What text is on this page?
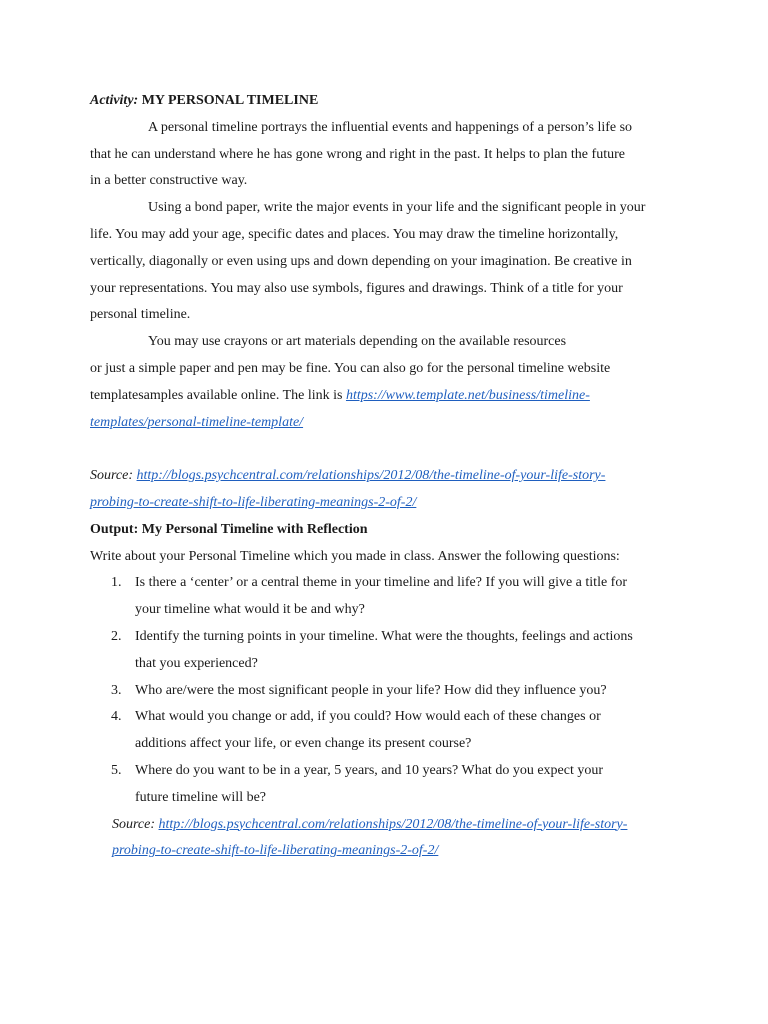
Activity: MY PERSONAL TIMELINE
A personal timeline portrays the influential events and happenings of a person’s life so
that he can understand where he has gone wrong and right in the past. It helps to plan the future
in a better constructive way.
Using a bond paper, write the major events in your life and the significant people in your
life. You may add your age, specific dates and places. You may draw the timeline horizontally,
vertically, diagonally or even using ups and down depending on your imagination. Be creative in
your representations. You may also use symbols, figures and drawings. Think of a title for your
personal timeline.
You may use crayons or art materials depending on the available resources
or just a simple paper and pen may be fine. You can also go for the personal timeline website
templatesamples available online. The link is https://www.template.net/business/timeline-
templates/personal-timeline-template/
Source: http://blogs.psychcentral.com/relationships/2012/08/the-timeline-of-your-life-story-
probing-to-create-shift-to-life-liberating-meanings-2-of-2/
Output: My Personal Timeline with Reflection
Write about your Personal Timeline which you made in class. Answer the following questions:
1. Is there a ‘center’ or a central theme in your timeline and life? If you will give a title for
your timeline what would it be and why?
2. Identify the turning points in your timeline. What were the thoughts, feelings and actions
that you experienced?
3. Who are/were the most significant people in your life? How did they influence you?
4. What would you change or add, if you could? How would each of these changes or
additions affect your life, or even change its present course?
5. Where do you want to be in a year, 5 years, and 10 years? What do you expect your
future timeline will be?
Source: http://blogs.psychcentral.com/relationships/2012/08/the-timeline-of-your-life-story-
probing-to-create-shift-to-life-liberating-meanings-2-of-2/
